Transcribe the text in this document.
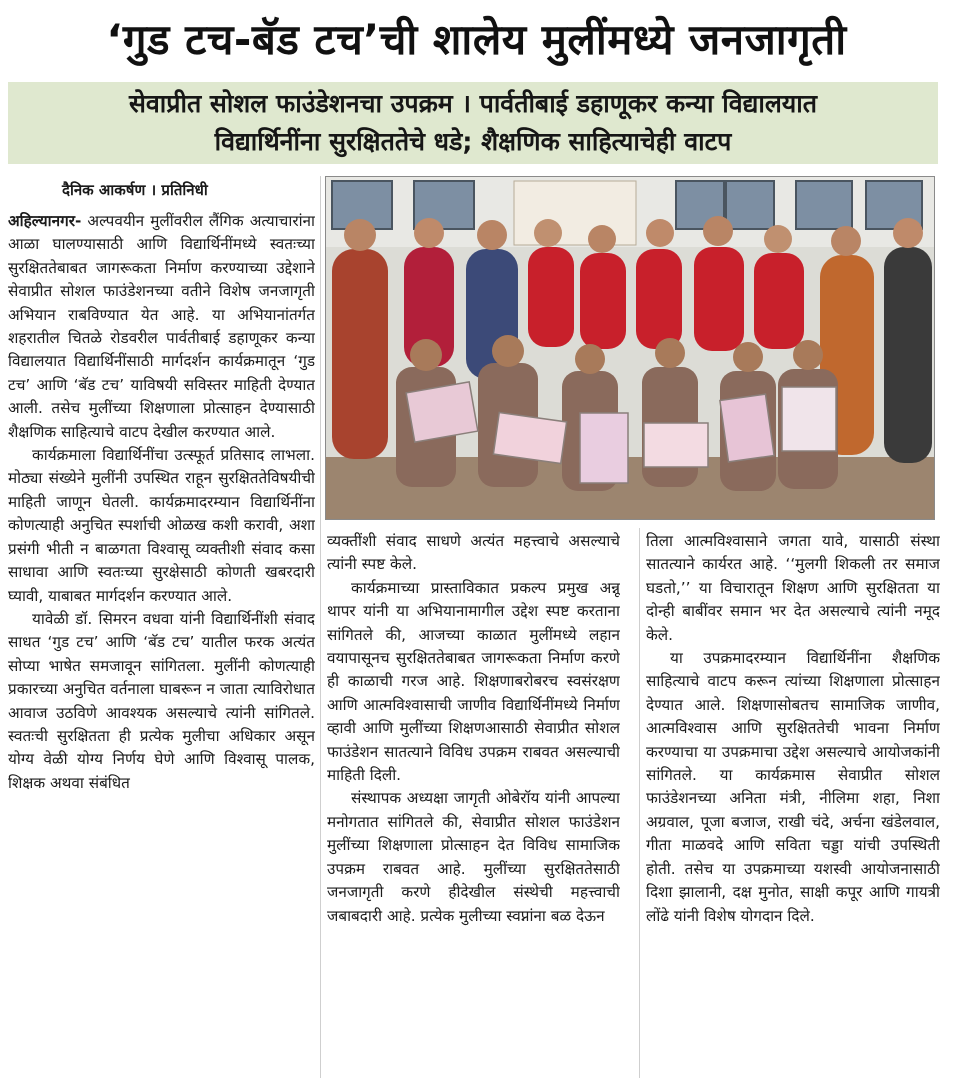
‘गुड टच-बॅड टच’ची शालेय मुलींमध्ये जनजागृती
सेवाप्रीत सोशल फाउंडेशनचा उपक्रम । पार्वतीबाई डहाणूकर कन्या विद्यालयात
विद्यार्थिनींना सुरक्षिततेचे धडे; शैक्षणिक साहित्याचेही वाटप
दैनिक आकर्षण । प्रतिनिधी

अहिल्यानगर- अल्पवयीन मुलींवरील लैंगिक अत्याचारांना आळा घालण्यासाठी आणि विद्यार्थिनींमध्ये स्वतःच्या सुरक्षिततेबाबत जागरूकता निर्माण करण्याच्या उद्देशाने सेवाप्रीत सोशल फाउंडेशनच्या वतीने विशेष जनजागृती अभियान राबविण्यात येत आहे. या अभियानांतर्गत शहरातील चितळे रोडवरील पार्वतीबाई डहाणूकर कन्या विद्यालयात विद्यार्थिनींसाठी मार्गदर्शन कार्यक्रमातून ‘गुड टच’ आणि ‘बॅड टच’ याविषयी सविस्तर माहिती देण्यात आली. तसेच मुलींच्या शिक्षणाला प्रोत्साहन देण्यासाठी शैक्षणिक साहित्याचे वाटप देखील करण्यात आले.

कार्यक्रमाला विद्यार्थिनींचा उत्स्फूर्त प्रतिसाद लाभला. मोठ्या संख्येने मुलींनी उपस्थित राहून सुरक्षिततेविषयीची माहिती जाणून घेतली. कार्यक्रमादरम्यान विद्यार्थिनींना कोणत्याही अनुचित स्पर्शाची ओळख कशी करावी, अशा प्रसंगी भीती न बाळगता विश्वासू व्यक्तीशी संवाद कसा साधावा आणि स्वतःच्या सुरक्षेसाठी कोणती खबरदारी घ्यावी, याबाबत मार्गदर्शन करण्यात आले.

यावेळी डॉ. सिमरन वधवा यांनी विद्यार्थिनींशी संवाद साधत ‘गुड टच’ आणि ‘बॅड टच’ यातील फरक अत्यंत सोप्या भाषेत समजावून सांगितला. मुलींनी कोणत्याही प्रकारच्या अनुचित वर्तनाला घाबरून न जाता त्याविरोधात आवाज उठविणे आवश्यक असल्याचे त्यांनी सांगितले. स्वतःची सुरक्षितता ही प्रत्येक मुलीचा अधिकार असून योग्य वेळी योग्य निर्णय घेणे आणि विश्वासू पालक, शिक्षक अथवा संबंधित

व्यक्तींशी संवाद साधणे अत्यंत महत्त्वाचे असल्याचे त्यांनी स्पष्ट केले.

कार्यक्रमाच्या प्रास्ताविकात प्रकल्प प्रमुख अन्नू थापर यांनी या अभियानामागील उद्देश स्पष्ट करताना सांगितले की, आजच्या काळात मुलींमध्ये लहान वयापासूनच सुरक्षिततेबाबत जागरूकता निर्माण करणे ही काळाची गरज आहे. शिक्षणाबरोबरच स्वसंरक्षण आणि आत्मविश्वासाची जाणीव विद्यार्थिनींमध्ये निर्माण व्हावी आणि मुलींच्या शिक्षणआसाठी सेवाप्रीत सोशल फाउंडेशन सातत्याने विविध उपक्रम राबवत असल्याची माहिती दिली.

संस्थापक अध्यक्षा जागृती ओबेरॉय यांनी आपल्या मनोगतात सांगितले की, सेवाप्रीत सोशल फाउंडेशन मुलींच्या शिक्षणाला प्रोत्साहन देत विविध सामाजिक उपक्रम राबवत आहे. मुलींच्या सुरक्षिततेसाठी जनजागृती करणे हीदेखील संस्थेची महत्त्वाची जबाबदारी आहे. प्रत्येक मुलीच्या स्वप्नांना बळ देऊन

तिला आत्मविश्वासाने जगता यावे, यासाठी संस्था सातत्याने कार्यरत आहे. ‘‘मुलगी शिकली तर समाज घडतो,’’ या विचारातून शिक्षण आणि सुरक्षितता या दोन्ही बाबींवर समान भर देत असल्याचे त्यांनी नमूद केले.

या उपक्रमादरम्यान विद्यार्थिनींना शैक्षणिक साहित्याचे वाटप करून त्यांच्या शिक्षणाला प्रोत्साहन देण्यात आले. शिक्षणासोबतच सामाजिक जाणीव, आत्मविश्वास आणि सुरक्षिततेची भावना निर्माण करण्याचा या उपक्रमाचा उद्देश असल्याचे आयोजकांनी सांगितले. या कार्यक्रमास सेवाप्रीत सोशल फाउंडेशनच्या अनिता मंत्री, नीलिमा शहा, निशा अग्रवाल, पूजा बजाज, राखी चंदे, अर्चना खंडेलवाल, गीता माळवदे आणि सविता चड्डा यांची उपस्थिती होती. तसेच या उपक्रमाच्या यशस्वी आयोजनासाठी दिशा झालानी, दक्ष मुनोत, साक्षी कपूर आणि गायत्री लोंढे यांनी विशेष योगदान दिले.
